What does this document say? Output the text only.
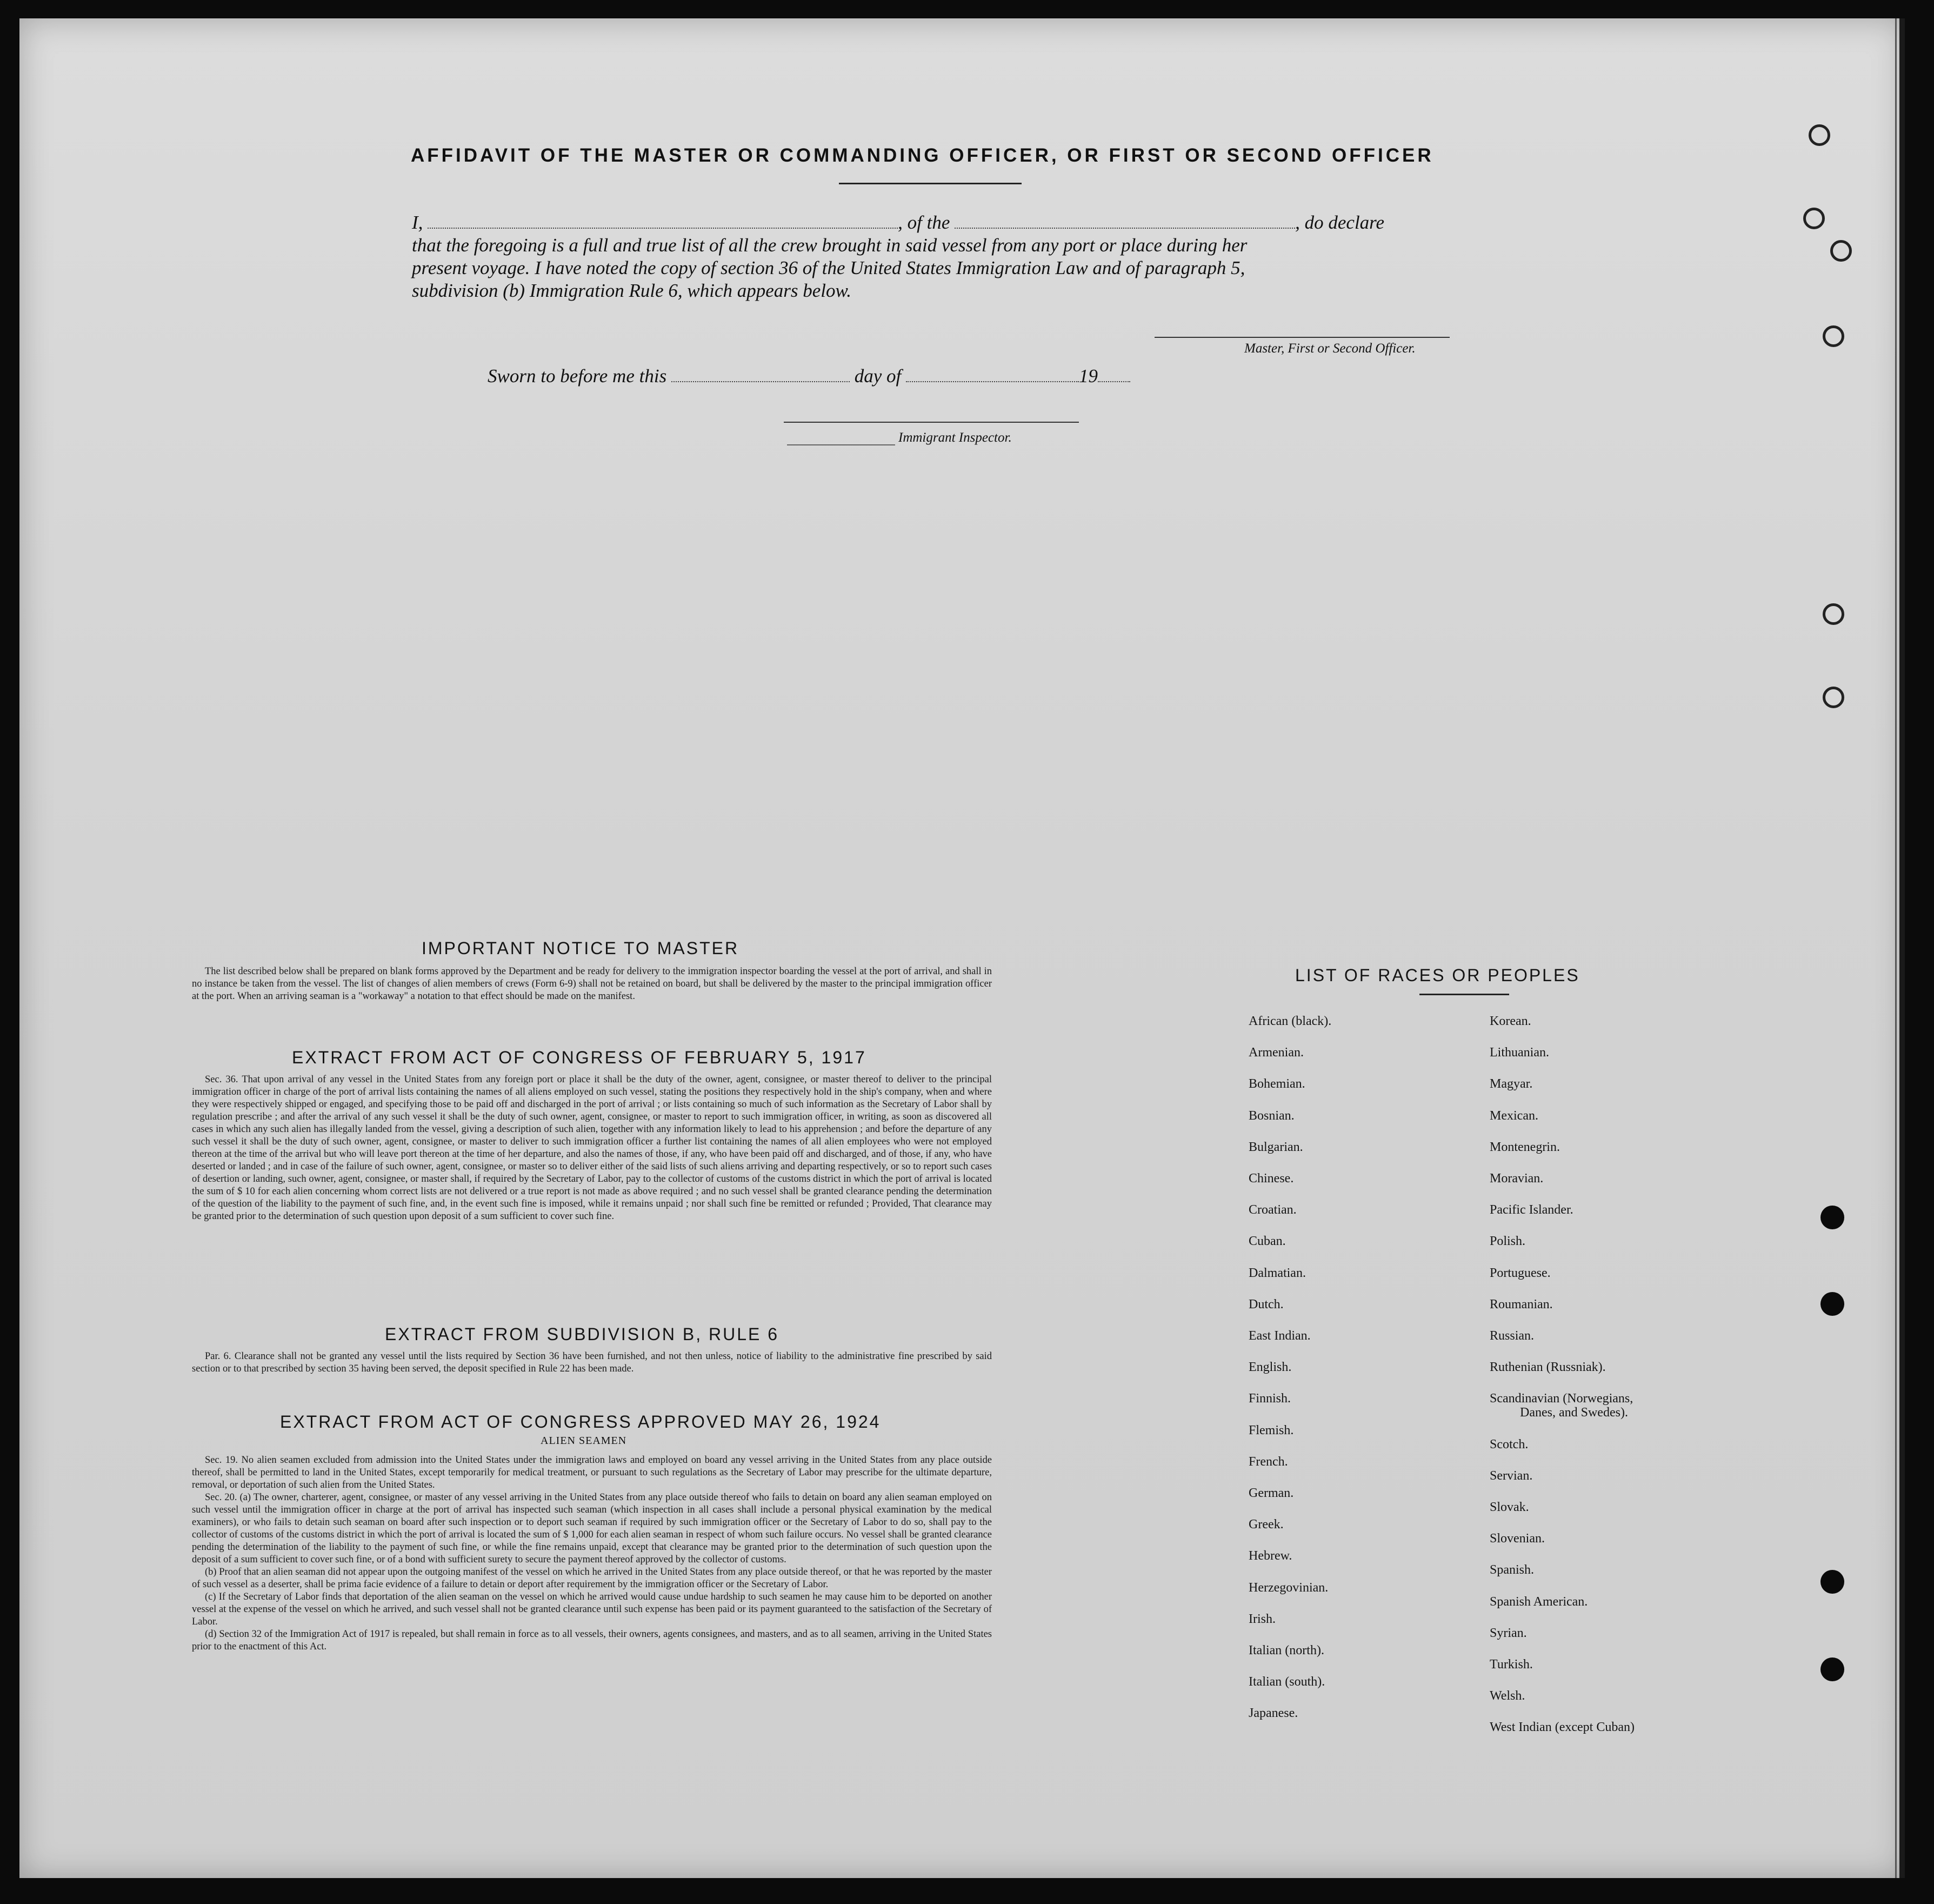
AFFIDAVIT OF THE MASTER OR COMMANDING OFFICER, OR FIRST OR SECOND OFFICER
I,	, of the	, do declare
that the foregoing is a full and true list of all the crew brought in said vessel from any port or place during her
present voyage. I have noted the copy of section 36 of the United States Immigration Law and of paragraph 5,
subdivision (b) Immigration Rule 6, which appears below.
Master, First or Second Officer.
Sworn to before me this	day of	19
Immigrant Inspector.
IMPORTANT NOTICE TO MASTER

The list described below shall be prepared on blank forms approved by the Department and be ready for delivery to the immigration inspector boarding the vessel at the port of arrival, and shall in no instance be taken from the vessel. The list of changes of alien members of crews (Form 6-9) shall not be retained on board, but shall be delivered by the master to the principal immigration officer at the port. When an arriving seaman is a "workaway" a notation to that effect should be made on the manifest.

EXTRACT FROM ACT OF CONGRESS OF FEBRUARY 5, 1917

Sec. 36. That upon arrival of any vessel in the United States from any foreign port or place it shall be the duty of the owner, agent, consignee, or master thereof to deliver to the principal immigration officer in charge of the port of arrival lists containing the names of all aliens employed on such vessel, stating the positions they respectively hold in the ship's company, when and where they were respectively shipped or engaged, and specifying those to be paid off and discharged in the port of arrival ; or lists containing so much of such information as the Secretary of Labor shall by regulation prescribe ; and after the arrival of any such vessel it shall be the duty of such owner, agent, consignee, or master to report to such immigration officer, in writing, as soon as discovered all cases in which any such alien has illegally landed from the vessel, giving a description of such alien, together with any information likely to lead to his apprehension ; and before the departure of any such vessel it shall be the duty of such owner, agent, consignee, or master to deliver to such immigration officer a further list containing the names of all alien employees who were not employed thereon at the time of the arrival but who will leave port thereon at the time of her departure, and also the names of those, if any, who have been paid off and discharged, and of those, if any, who have deserted or landed ; and in case of the failure of such owner, agent, consignee, or master so to deliver either of the said lists of such aliens arriving and departing respectively, or so to report such cases of desertion or landing, such owner, agent, consignee, or master shall, if required by the Secretary of Labor, pay to the collector of customs of the customs district in which the port of arrival is located the sum of $ 10 for each alien concerning whom correct lists are not delivered or a true report is not made as above required ; and no such vessel shall be granted clearance pending the determination of the question of the liability to the payment of such fine, and, in the event such fine is imposed, while it remains unpaid ; nor shall such fine be remitted or refunded ; Provided, That clearance may be granted prior to the determination of such question upon deposit of a sum sufficient to cover such fine.

EXTRACT FROM SUBDIVISION B, RULE 6

Par. 6. Clearance shall not be granted any vessel until the lists required by Section 36 have been furnished, and not then unless, notice of liability to the administrative fine prescribed by said section or to that prescribed by section 35 having been served, the deposit specified in Rule 22 has been made.

EXTRACT FROM ACT OF CONGRESS APPROVED MAY 26, 1924
ALIEN SEAMEN

Sec. 19. No alien seamen excluded from admission into the United States under the immigration laws and employed on board any vessel arriving in the United States from any place outside thereof, shall be permitted to land in the United States, except temporarily for medical treatment, or pursuant to such regulations as the Secretary of Labor may prescribe for the ultimate departure, removal, or deportation of such alien from the United States.

Sec. 20. (a) The owner, charterer, agent, consignee, or master of any vessel arriving in the United States from any place outside thereof who fails to detain on board any alien seaman employed on such vessel until the immigration officer in charge at the port of arrival has inspected such seaman (which inspection in all cases shall include a personal physical examination by the medical examiners), or who fails to detain such seaman on board after such inspection or to deport such seaman if required by such immigration officer or the Secretary of Labor to do so, shall pay to the collector of customs of the customs district in which the port of arrival is located the sum of $ 1,000 for each alien seaman in respect of whom such failure occurs. No vessel shall be granted clearance pending the determination of the liability to the payment of such fine, or while the fine remains unpaid, except that clearance may be granted prior to the determination of such question upon the deposit of a sum sufficient to cover such fine, or of a bond with sufficient surety to secure the payment thereof approved by the collector of customs.

(b) Proof that an alien seaman did not appear upon the outgoing manifest of the vessel on which he arrived in the United States from any place outside thereof, or that he was reported by the master of such vessel as a deserter, shall be prima facie evidence of a failure to detain or deport after requirement by the immigration officer or the Secretary of Labor.

(c) If the Secretary of Labor finds that deportation of the alien seaman on the vessel on which he arrived would cause undue hardship to such seamen he may cause him to be deported on another vessel at the expense of the vessel on which he arrived, and such vessel shall not be granted clearance until such expense has been paid or its payment guaranteed to the satisfaction of the Secretary of Labor.

(d) Section 32 of the Immigration Act of 1917 is repealed, but shall remain in force as to all vessels, their owners, agents consignees, and masters, and as to all seamen, arriving in the United States prior to the enactment of this Act.

LIST OF RACES OR PEOPLES
African (black).
Armenian.
Bohemian.
Bosnian.
Bulgarian.
Chinese.
Croatian.
Cuban.
Dalmatian.
Dutch.
East Indian.
English.
Finnish.
Flemish.
French.
German.
Greek.
Hebrew.
Herzegovinian.
Irish.
Italian (north).
Italian (south).
Japanese.
Korean.
Lithuanian.
Magyar.
Mexican.
Montenegrin.
Moravian.
Pacific Islander.
Polish.
Portuguese.
Roumanian.
Russian.
Ruthenian (Russniak).
Scandinavian (Norwegians,
Danes, and Swedes).
Scotch.
Servian.
Slovak.
Slovenian.
Spanish.
Spanish American.
Syrian.
Turkish.
Welsh.
West Indian (except Cuban)
